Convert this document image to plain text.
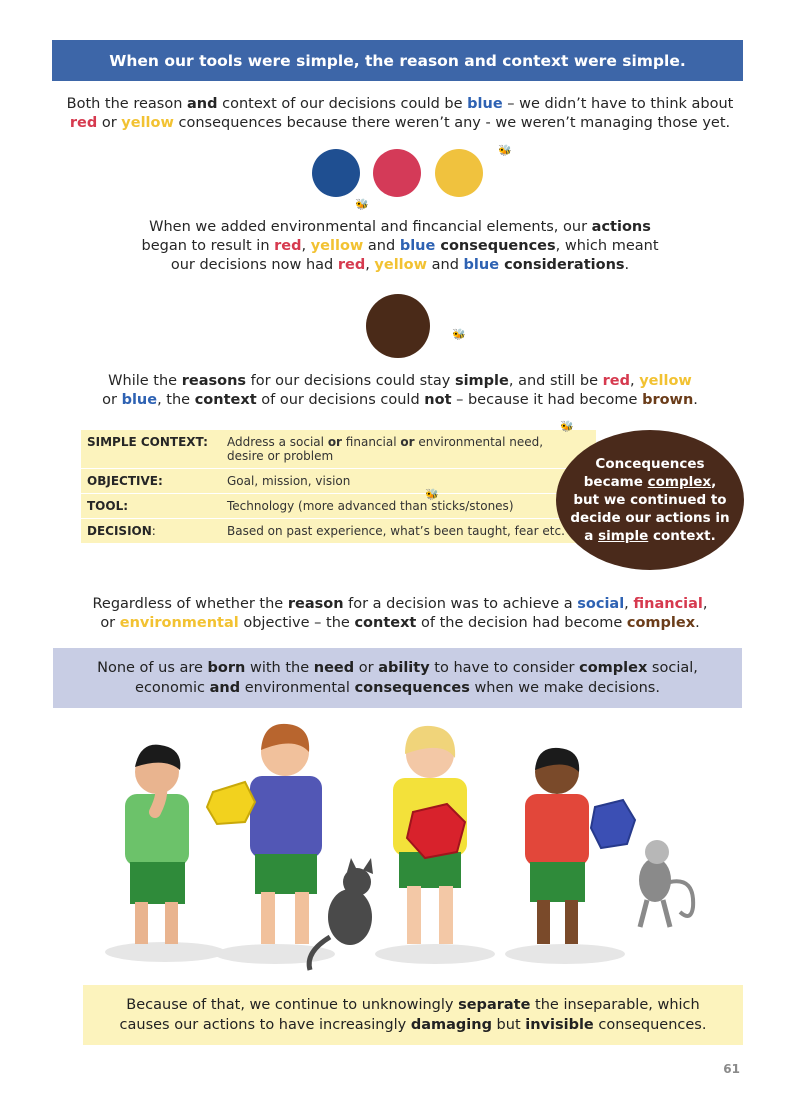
When our tools were simple, the reason and context were simple.
Both the reason and context of our decisions could be blue – we didn’t have to think about
red or yellow consequences because there weren’t any - we weren’t managing those yet.
🐝
🐝
When we added environmental and fincancial elements, our actions
began to result in red, yellow and blue consequences, which meant
our decisions now had red, yellow and blue considerations.
🐝
While the reasons for our decisions could stay simple, and still be red, yellow
or blue, the context of our decisions could not – because it had become brown.
SIMPLE CONTEXT:	Address a social or financial or environmental need,
desire or problem
OBJECTIVE:	Goal, mission, vision
TOOL:	Technology (more advanced than sticks/stones)
DECISION:	Based on past experience, what’s been taught, fear etc.
🐝
🐝
Concequences
became complex,
but we continued to
decide our actions in
a simple context.
Regardless of whether the reason for a decision was to achieve a social, financial,
or environmental objective – the context of the decision had become complex.
None of us are born with the need or ability to have to consider complex social,
economic and environmental consequences when we make decisions.
Because of that, we continue to unknowingly separate the inseparable, which
causes our actions to have increasingly damaging but invisible consequences.
61
